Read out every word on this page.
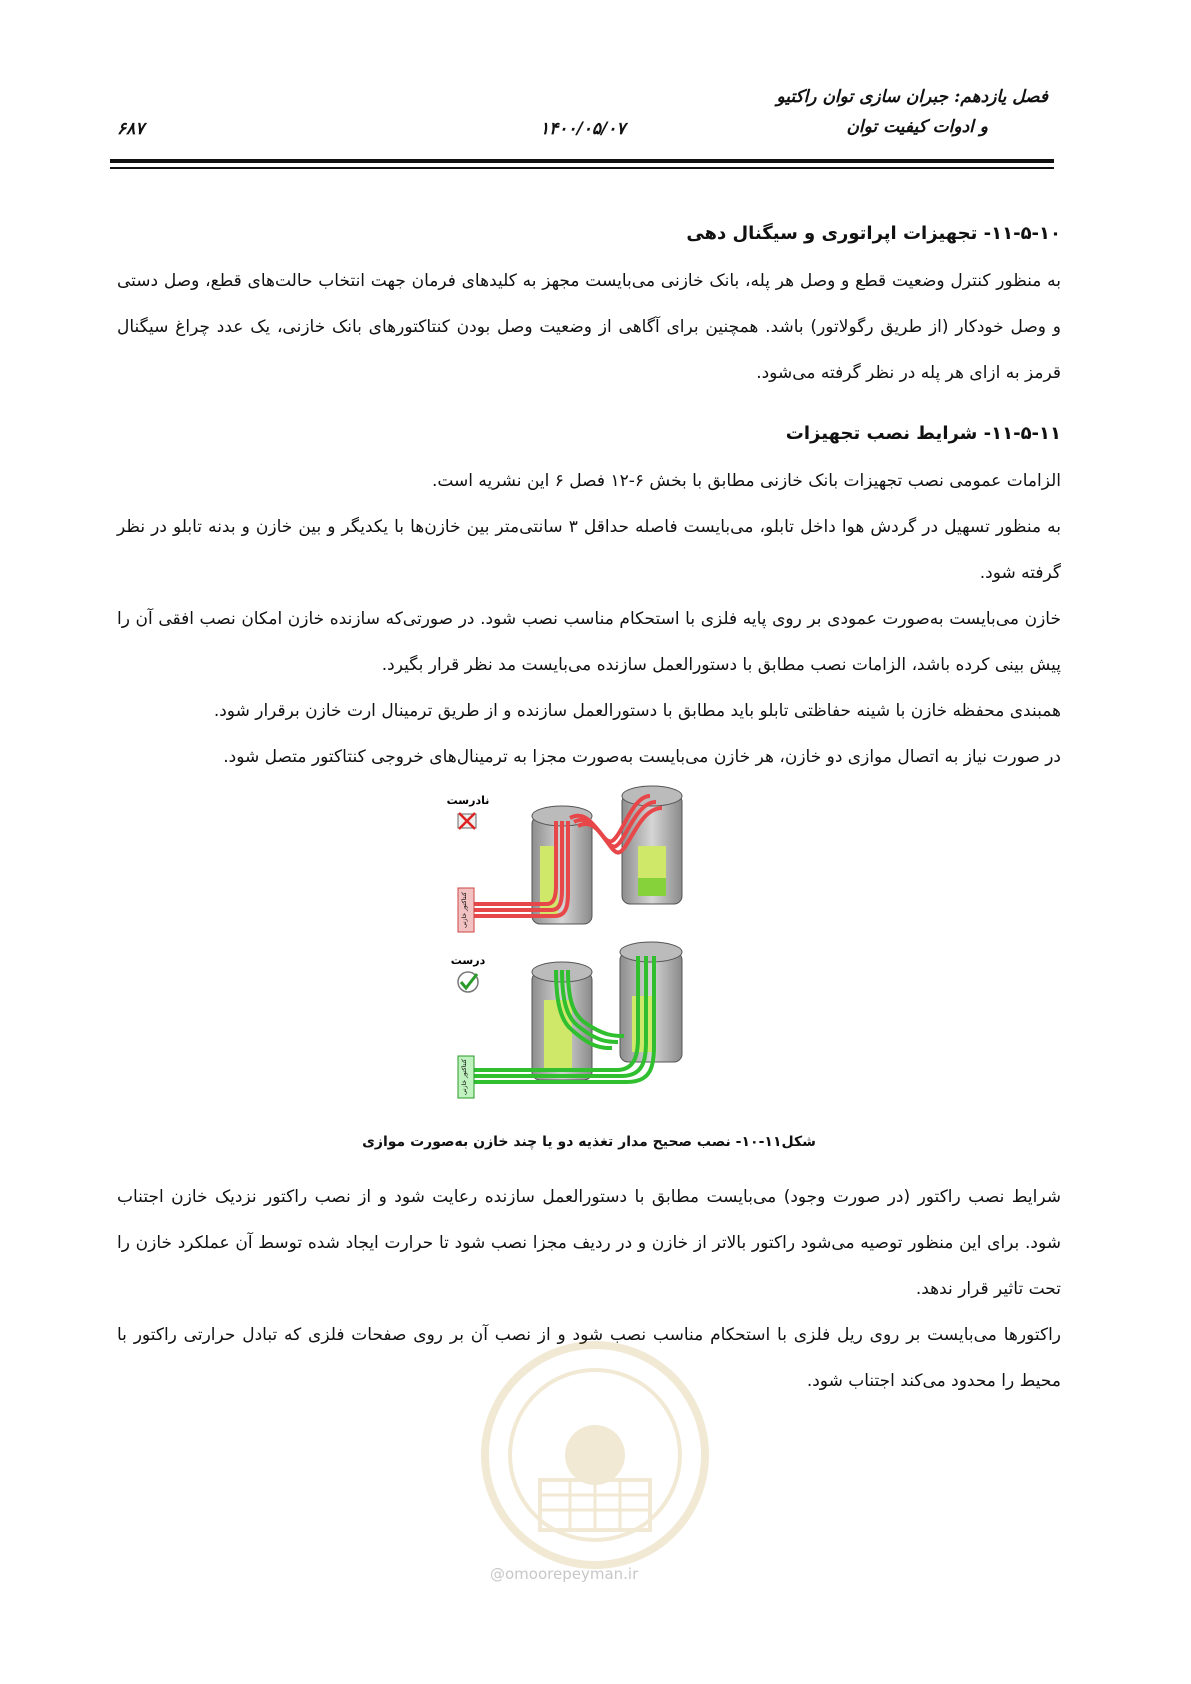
فصل یازدهم: جبران سازی توان راکتیو
و ادوات کیفیت توان
۱۴۰۰/۰۵/۰۷
۶۸۷
۱۱-۵-۱۰- تجهیزات اپراتوری و سیگنال دهی

به منظور کنترل وضعیت قطع و وصل هر پله، بانک خازنی می‌بایست مجهز به کلیدهای فرمان جهت انتخاب حالت‌های قطع، وصل دستی و وصل خودکار (از طریق رگولاتور) باشد. همچنین برای آگاهی از وضعیت وصل بودن کنتاکتورهای بانک خازنی، یک عدد چراغ سیگنال قرمز به ازای هر پله در نظر گرفته می‌شود.

۱۱-۵-۱۱- شرایط نصب تجهیزات

الزامات عمومی نصب تجهیزات بانک خازنی مطابق با بخش ۶-۱۲ فصل ۶ این نشریه است.

به منظور تسهیل در گردش هوا داخل تابلو، می‌بایست فاصله حداقل ۳ سانتی‌متر بین خازن‌ها با یکدیگر و بین خازن و بدنه تابلو در نظر گرفته شود.

خازن می‌بایست به‌صورت عمودی بر روی پایه فلزی با استحکام مناسب نصب شود. در صورتی‌که سازنده خازن امکان نصب افقی آن را پیش بینی کرده باشد، الزامات نصب مطابق با دستورالعمل سازنده می‌بایست مد نظر قرار بگیرد.

همبندی محفظه خازن با شینه حفاظتی تابلو باید مطابق با دستورالعمل سازنده و از طریق ترمینال ارت خازن برقرار شود.

در صورت نیاز به اتصال موازی دو خازن، هر خازن می‌بایست به‌صورت مجزا به ترمینال‌های خروجی کنتاکتور متصل شود.

نادرست
درست
کنتاکتور خازنی
کنتاکتور خازنی
شکل۱۱-۱۰- نصب صحیح مدار تغذیه دو یا چند خازن به‌صورت موازی

شرایط نصب راکتور (در صورت وجود) می‌بایست مطابق با دستورالعمل سازنده رعایت شود و از نصب راکتور نزدیک خازن اجتناب شود. برای این منظور توصیه می‌شود راکتور بالاتر از خازن و در ردیف مجزا نصب شود تا حرارت ایجاد شده توسط آن عملکرد خازن را تحت تاثیر قرار ندهد.

راکتورها می‌بایست بر روی ریل فلزی با استحکام مناسب نصب شود و از نصب آن بر روی صفحات فلزی که تبادل حرارتی راکتور با محیط را محدود می‌کند اجتناب شود.

@omoorepeyman.ir
